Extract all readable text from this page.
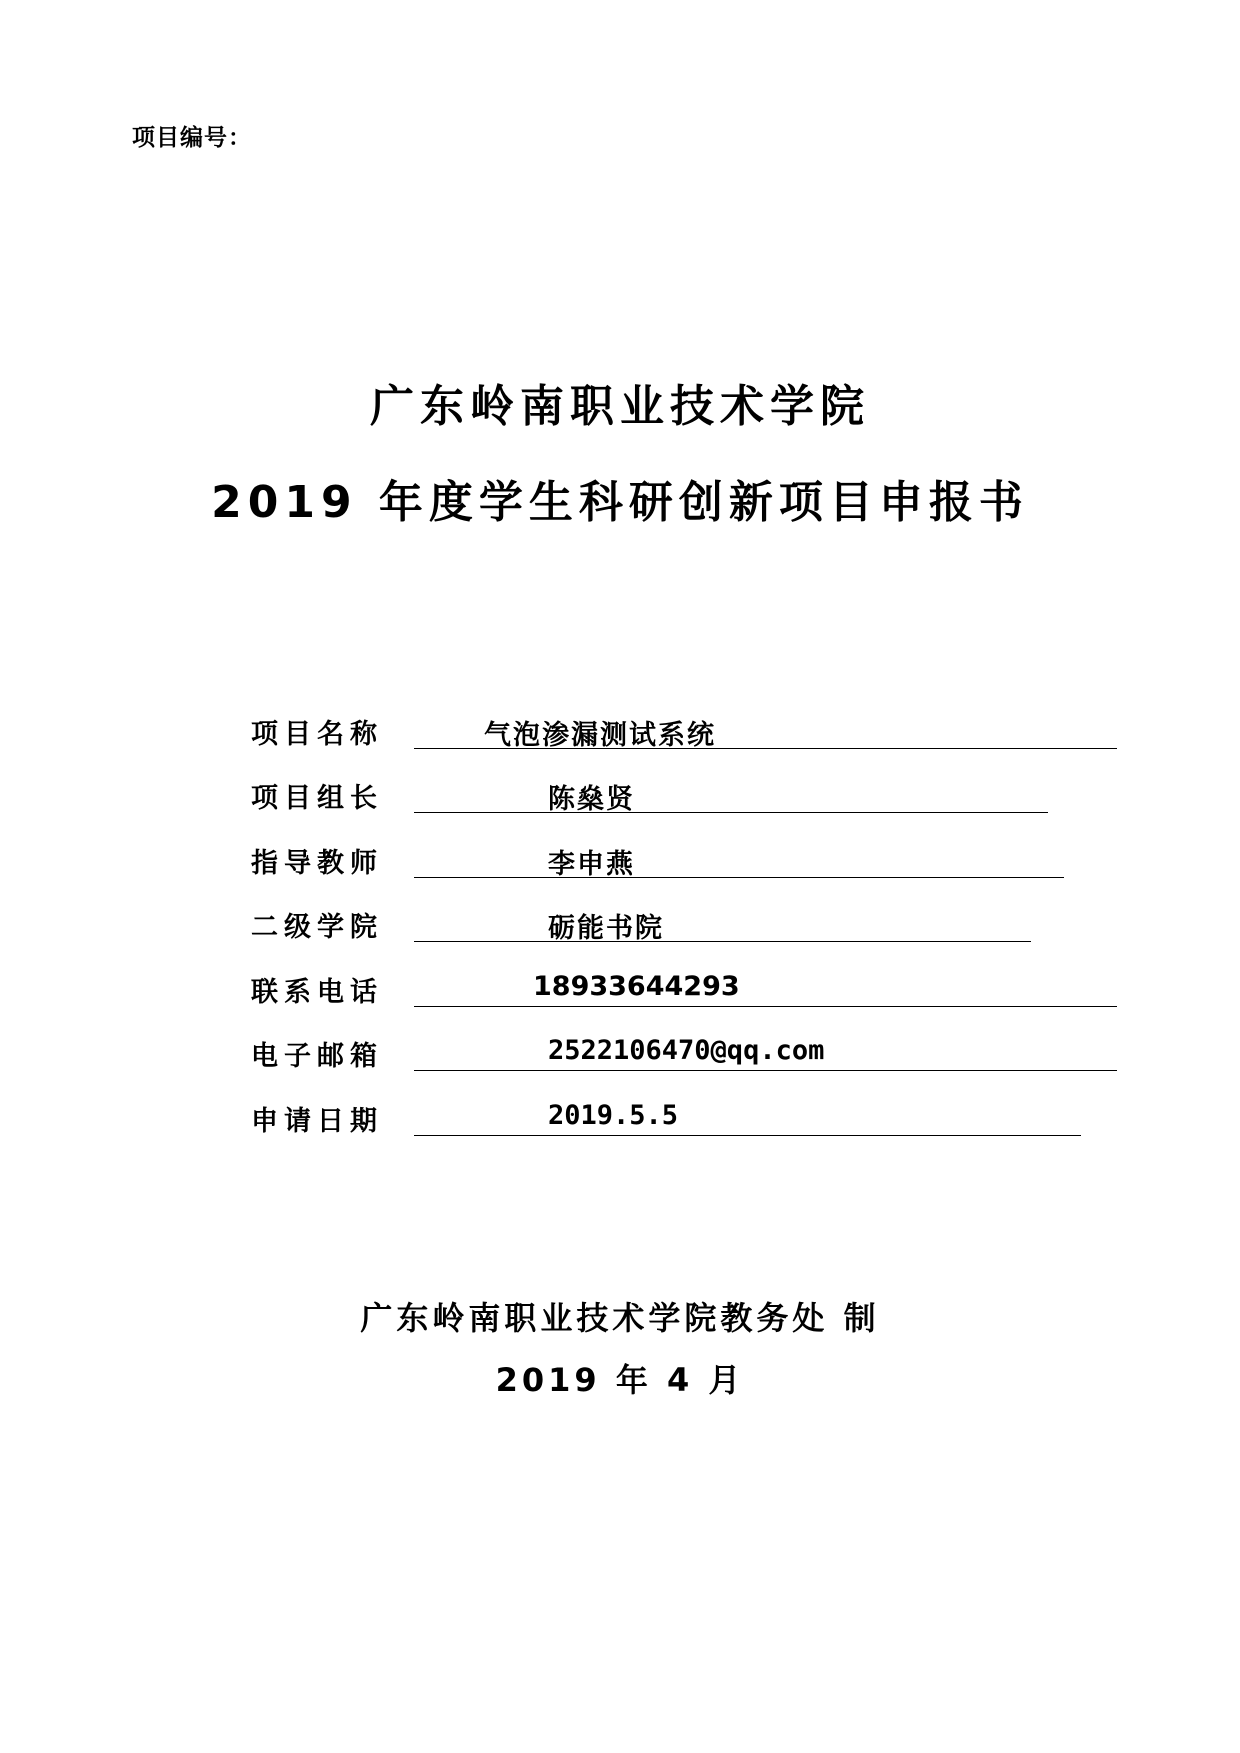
项目编号：
广东岭南职业技术学院
2019 年度学生科研创新项目申报书
项目名称	气泡渗漏测试系统
项目组长	陈燊贤
指导教师	李申燕
二级学院	砺能书院
联系电话	18933644293
电子邮箱	2522106470@qq.com
申请日期	2019.5.5
广东岭南职业技术学院教务处 制
2019 年 4 月
